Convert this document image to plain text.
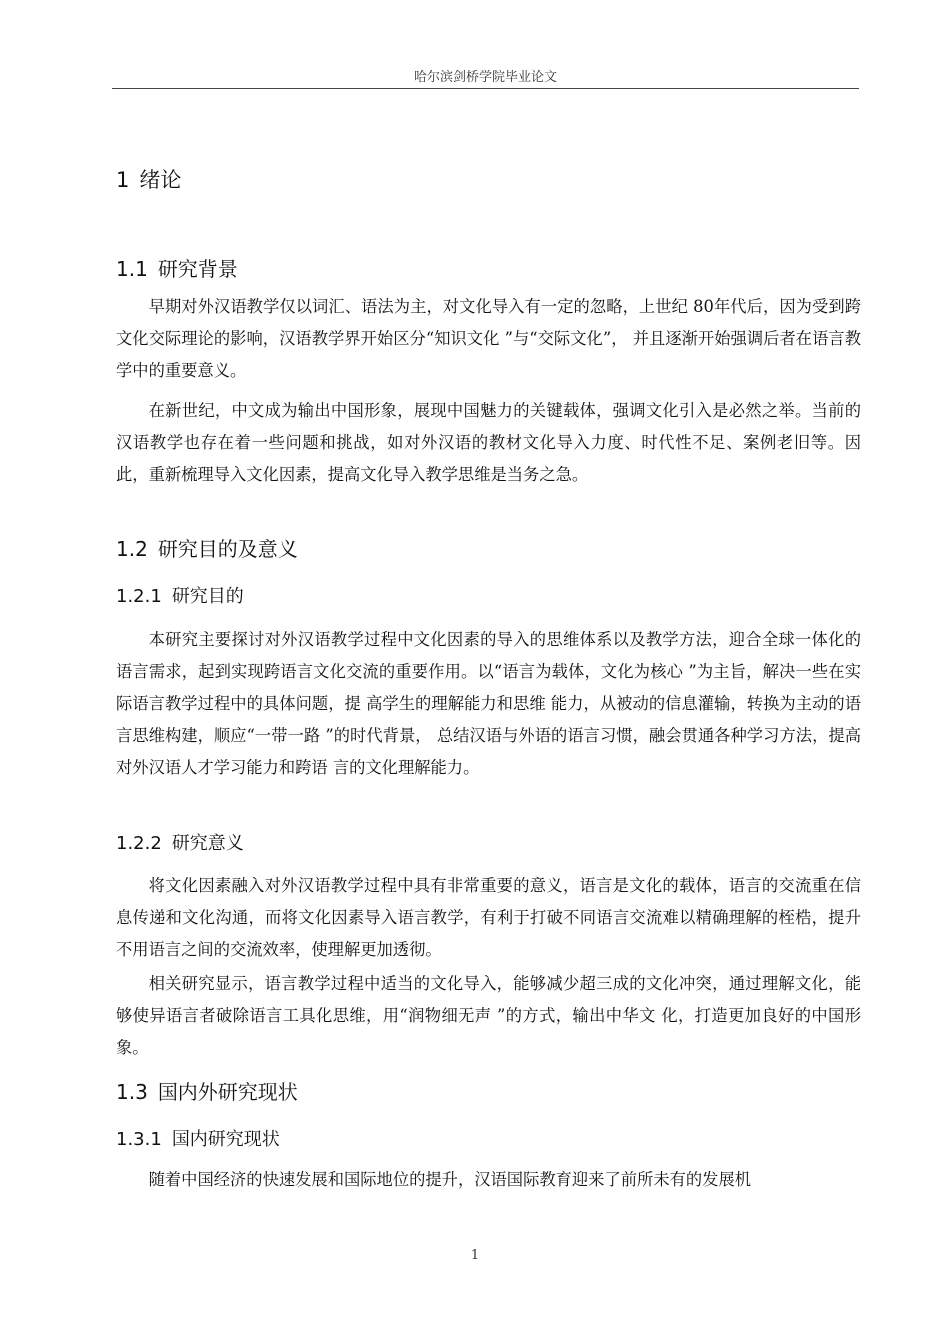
哈尔滨剑桥学院毕业论文
1 绪论
1.1 研究背景

早期对外汉语教学仅以词汇、语法为主，对文化导入有一定的忽略，上世纪 80年代后，因为受到跨文化交际理论的影响，汉语教学界开始区分“知识文化 ”与“交际文化”， 并且逐渐开始强调后者在语言教学中的重要意义。

在新世纪，中文成为输出中国形象，展现中国魅力的关键载体，强调文化引入是必然之举。当前的汉语教学也存在着一些问题和挑战，如对外汉语的教材文化导入力度、时代性不足、案例老旧等。因此，重新梳理导入文化因素，提高文化导入教学思维是当务之急。

1.2 研究目的及意义
1.2.1 研究目的

本研究主要探讨对外汉语教学过程中文化因素的导入的思维体系以及教学方法，迎合全球一体化的语言需求，起到实现跨语言文化交流的重要作用。以“语言为载体，文化为核心 ”为主旨，解决一些在实际语言教学过程中的具体问题，提 高学生的理解能力和思维 能力，从被动的信息灌输，转换为主动的语言思维构建，顺应“一带一路 ”的时代背景， 总结汉语与外语的语言习惯，融会贯通各种学习方法，提高对外汉语人才学习能力和跨语 言的文化理解能力。

1.2.2 研究意义

将文化因素融入对外汉语教学过程中具有非常重要的意义，语言是文化的载体，语言的交流重在信息传递和文化沟通，而将文化因素导入语言教学，有利于打破不同语言交流难以精确理解的桎梏，提升不用语言之间的交流效率，使理解更加透彻。

相关研究显示，语言教学过程中适当的文化导入，能够减少超三成的文化冲突，通过理解文化，能够使异语言者破除语言工具化思维，用“润物细无声 ”的方式，输出中华文 化，打造更加良好的中国形象。

1.3 国内外研究现状
1.3.1 国内研究现状

随着中国经济的快速发展和国际地位的提升，汉语国际教育迎来了前所未有的发展机

1
